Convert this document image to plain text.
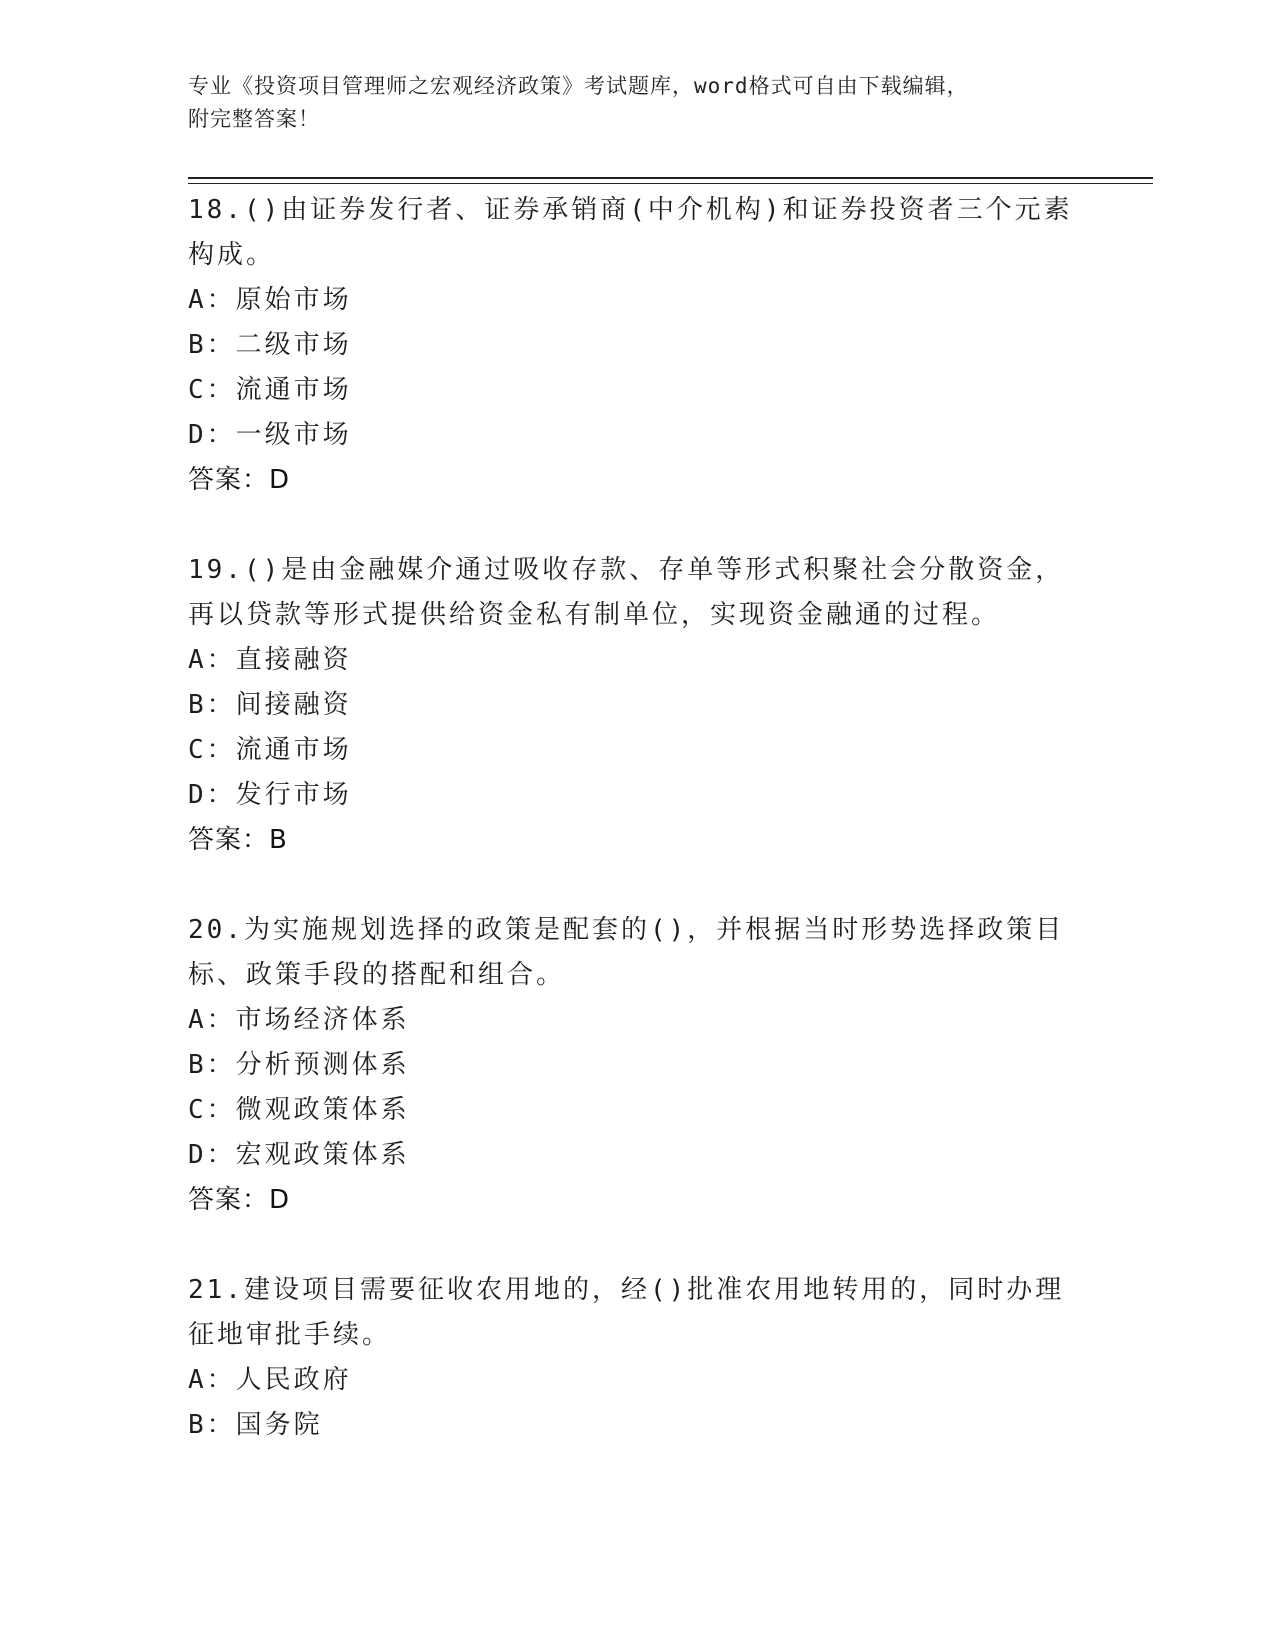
专业《投资项目管理师之宏观经济政策》考试题库，word格式可自由下载编辑，
附完整答案！
18.()由证券发行者、证券承销商(中介机构)和证券投资者三个元素构成。
A：原始市场
B：二级市场
C：流通市场
D：一级市场
答案：D
19.()是由金融媒介通过吸收存款、存单等形式积聚社会分散资金，再以贷款等形式提供给资金私有制单位，实现资金融通的过程。
A：直接融资
B：间接融资
C：流通市场
D：发行市场
答案：B
20.为实施规划选择的政策是配套的()，并根据当时形势选择政策目标、政策手段的搭配和组合。
A：市场经济体系
B：分析预测体系
C：微观政策体系
D：宏观政策体系
答案：D
21.建设项目需要征收农用地的，经()批准农用地转用的，同时办理征地审批手续。
A：人民政府
B：国务院
